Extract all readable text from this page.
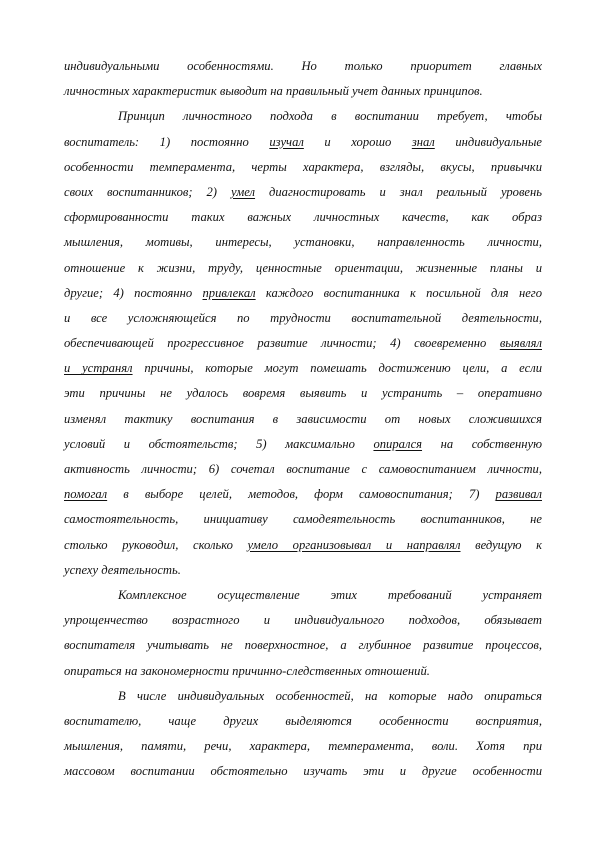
индивидуальными особенностями. Но только приоритет главных
личностных характеристик выводит на правильный учет данных принципов.
Принцип личностного подхода в воспитании требует, чтобы
воспитатель: 1) постоянно изучал и хорошо знал индивидуальные
особенности темперамента, черты характера, взгляды, вкусы, привычки
своих воспитанников; 2) умел диагностировать и знал реальный уровень
сформированности таких важных личностных качеств, как образ
мышления, мотивы, интересы, установки, направленность личности,
отношение к жизни, труду, ценностные ориентации, жизненные планы и
другие; 4) постоянно привлекал каждого воспитанника к посильной для него
и все усложняющейся по трудности воспитательной деятельности,
обеспечивающей прогрессивное развитие личности; 4) своевременно выявлял
и устранял причины, которые могут помешать достижению цели, а если
эти причины не удалось вовремя выявить и устранить – оперативно
изменял тактику воспитания в зависимости от новых сложившихся
условий и обстоятельств; 5) максимально опирался на собственную
активность личности; 6) сочетал воспитание с самовоспитанием личности,
помогал в выборе целей, методов, форм самовоспитания; 7) развивал
самостоятельность, инициативу самодеятельность воспитанников, не
столько руководил, сколько умело организовывал и направлял ведущую к
успеху деятельность.
Комплексное осуществление этих требований устраняет
упрощенчество возрастного и индивидуального подходов, обязывает
воспитателя учитывать не поверхностное, а глубинное развитие процессов,
опираться на закономерности причинно-следственных отношений.
В числе индивидуальных особенностей, на которые надо опираться
воспитателю, чаще других выделяются особенности восприятия,
мышления, памяти, речи, характера, темперамента, воли. Хотя при
массовом воспитании обстоятельно изучать эти и другие особенности
